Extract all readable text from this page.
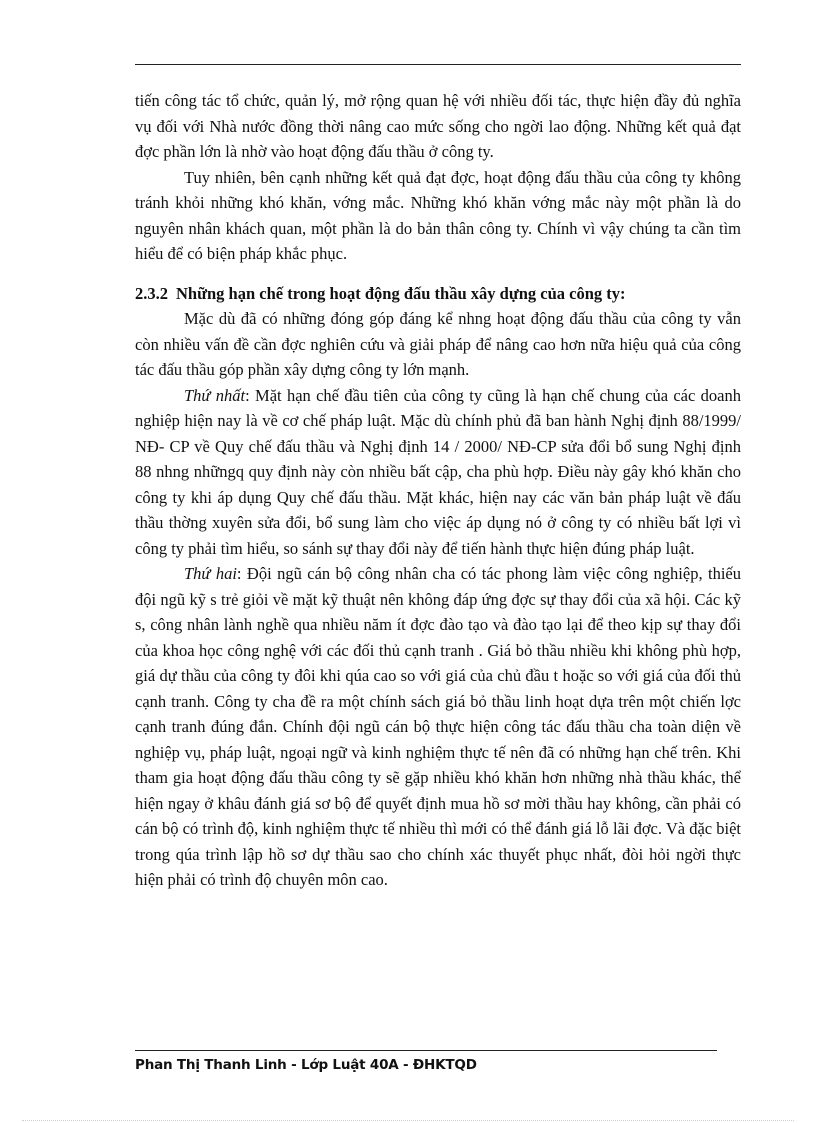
tiến công tác tổ chức, quản lý, mở rộng quan hệ với nhiều đối tác, thực hiện đầy đủ nghĩa vụ đối với Nhà nước đồng thời nâng cao mức sống cho ngời lao động. Những kết quả đạt đợc phần lớn là nhờ vào hoạt động đấu thầu ở công ty.

Tuy nhiên, bên cạnh những kết quả đạt đợc, hoạt động đấu thầu của công ty không tránh khỏi những khó khăn, vớng mắc. Những khó khăn vớng mắc này một phần là do nguyên nhân khách quan, một phần là do bản thân công ty. Chính vì vậy chúng ta cần tìm hiểu để có biện pháp khắc phục.

2.3.2 Những hạn chế trong hoạt động đấu thầu xây dựng của công ty:

Mặc dù đã có những đóng góp đáng kể nhng hoạt động đấu thầu của công ty vẫn còn nhiều vấn đề cần đợc nghiên cứu và giải pháp để nâng cao hơn nữa hiệu quả của công tác đấu thầu góp phần xây dựng công ty lớn mạnh.

Thứ nhất: Mặt hạn chế đầu tiên của công ty cũng là hạn chế chung của các doanh nghiệp hiện nay là về cơ chế pháp luật. Mặc dù chính phủ đã ban hành Nghị định 88/1999/ NĐ- CP về Quy chế đấu thầu và Nghị định 14 / 2000/ NĐ-CP sửa đổi bổ sung Nghị định 88 nhng nhữngq quy định này còn nhiều bất cập, cha phù hợp. Điều này gây khó khăn cho công ty khi áp dụng Quy chế đấu thầu. Mặt khác, hiện nay các văn bản pháp luật về đấu thầu thờng xuyên sửa đổi, bổ sung làm cho việc áp dụng nó ở công ty có nhiều bất lợi vì công ty phải tìm hiểu, so sánh sự thay đổi này để tiến hành thực hiện đúng pháp luật.

Thứ hai: Đội ngũ cán bộ công nhân cha có tác phong làm việc công nghiệp, thiếu đội ngũ kỹ s trẻ giỏi về mặt kỹ thuật nên không đáp ứng đợc sự thay đổi của xã hội. Các kỹ s, công nhân lành nghề qua nhiều năm ít đợc đào tạo và đào tạo lại để theo kịp sự thay đổi của khoa học công nghệ với các đối thủ cạnh tranh . Giá bỏ thầu nhiều khi không phù hợp, giá dự thầu của công ty đôi khi qúa cao so với giá của chủ đầu t hoặc so với giá của đối thủ cạnh tranh. Công ty cha đề ra một chính sách giá bỏ thầu linh hoạt dựa trên một chiến lợc cạnh tranh đúng đắn. Chính đội ngũ cán bộ thực hiện công tác đấu thầu cha toàn diện về nghiệp vụ, pháp luật, ngoại ngữ và kinh nghiệm thực tế nên đã có những hạn chế trên. Khi tham gia hoạt động đấu thầu công ty sẽ gặp nhiều khó khăn hơn những nhà thầu khác, thể hiện ngay ở khâu đánh giá sơ bộ để quyết định mua hồ sơ mời thầu hay không, cần phải có cán bộ có trình độ, kinh nghiệm thực tế nhiều thì mới có thể đánh giá lỗ lãi đợc. Và đặc biệt trong qúa trình lập hồ sơ dự thầu sao cho chính xác thuyết phục nhất, đòi hỏi ngời thực hiện phải có trình độ chuyên môn cao.

Phan Thị Thanh Linh - Lớp Luật 40A - ĐHKTQD
